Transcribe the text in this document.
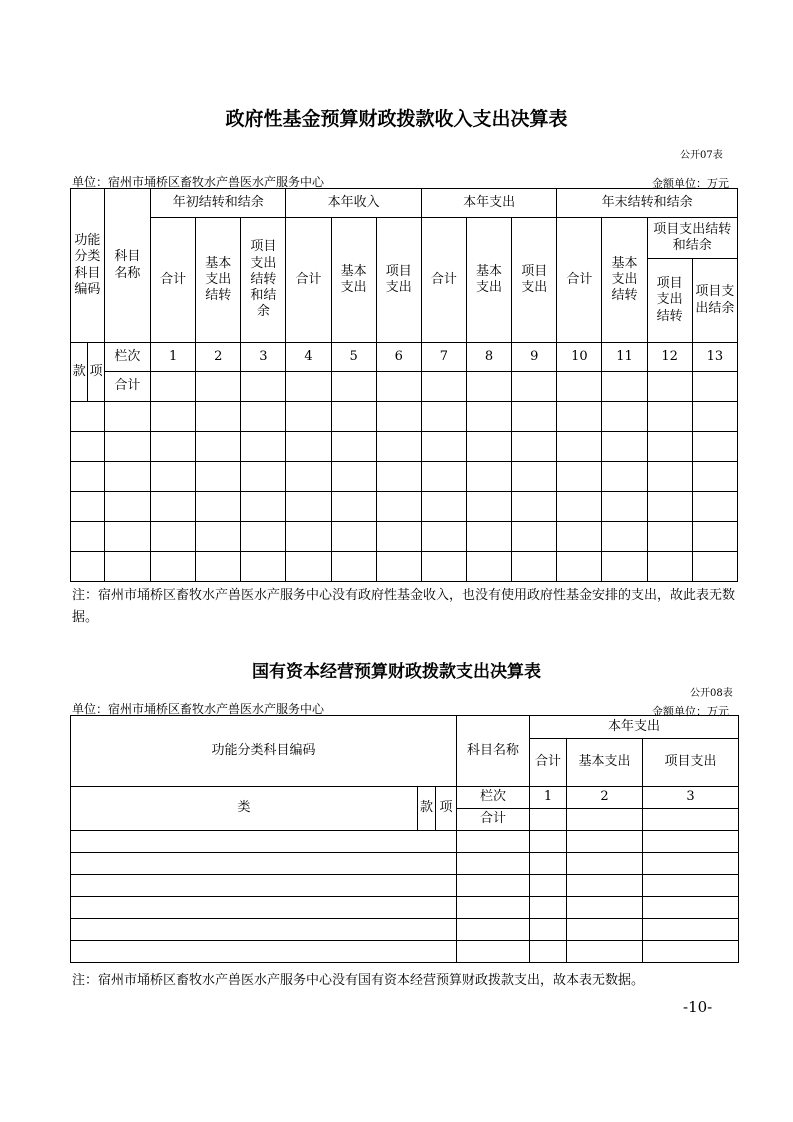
政府性基金预算财政拨款收入支出决算表
公开07表
单位：宿州市埇桥区畜牧水产兽医水产服务中心	金额单位：万元
功能分类科目编码		科目名称	年初结转和结余			本年收入			本年支出			年末结转和结余			
			合计	基本支出结转	项目支出结转和结余	合计	基本支出	项目支出	合计	基本支出	项目支出	合计	基本支出结转	项目支出结转和结余	
														项目支出结转	项目支出结余
款	项	栏次	1	2	3	4	5	6	7	8	9	10	11	12	13
		合计													

注：宿州市埇桥区畜牧水产兽医水产服务中心没有政府性基金收入，也没有使用政府性基金安排的支出，故此表无数据。
国有资本经营预算财政拨款支出决算表
公开08表
单位：宿州市埇桥区畜牧水产兽医水产服务中心	金额单位：万元
功能分类科目编码			科目名称	本年支出		
				合计	基本支出	项目支出
类	款	项	栏次	1	2	3
			合计			

注：宿州市埇桥区畜牧水产兽医水产服务中心没有国有资本经营预算财政拨款支出，故本表无数据。
-10-
